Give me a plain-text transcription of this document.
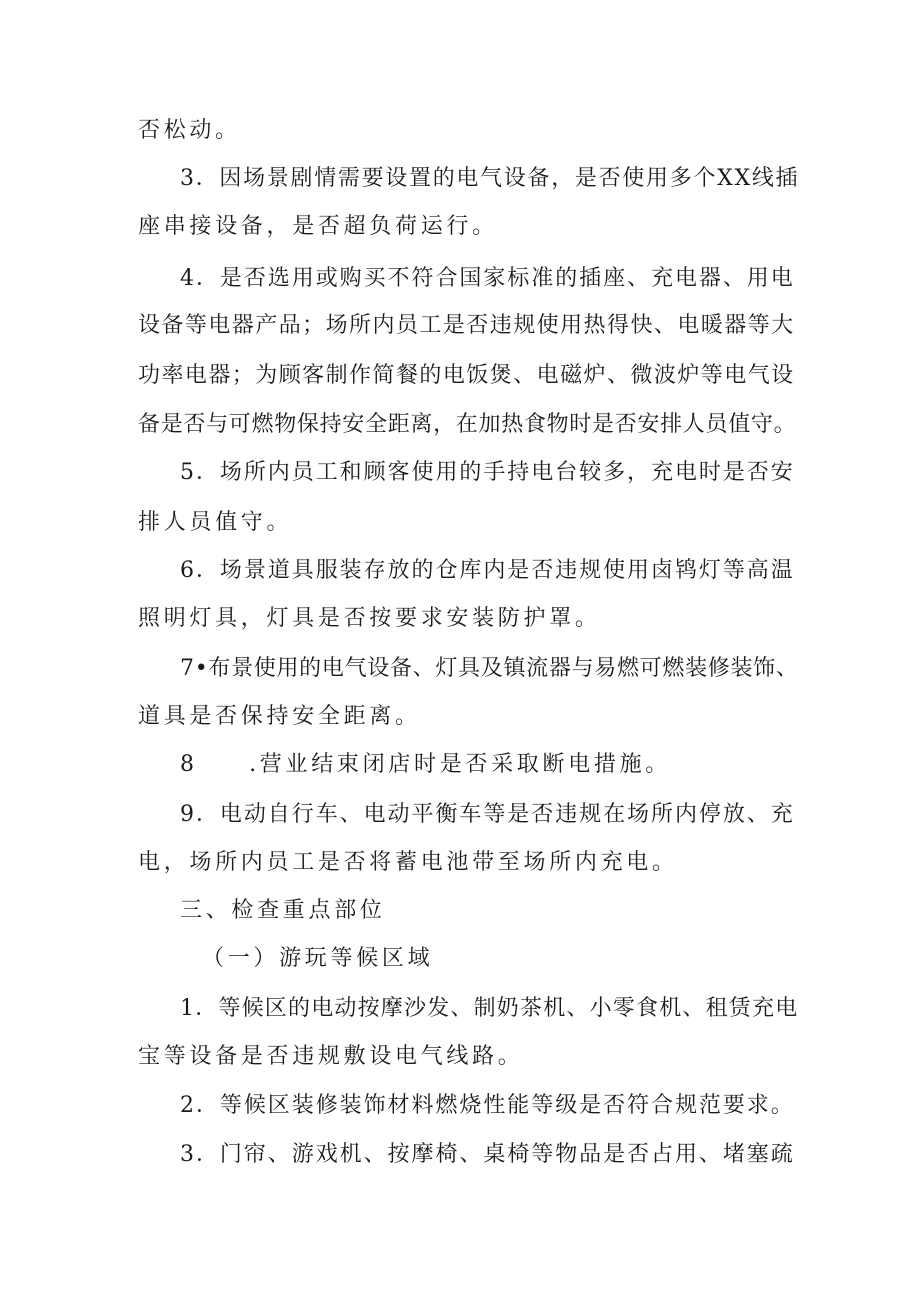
否松动。
3．因场景剧情需要设置的电气设备，是否使用多个XX线插
座串接设备，是否超负荷运行。
4．是否选用或购买不符合国家标准的插座、充电器、用电
设备等电器产品；场所内员工是否违规使用热得快、电暖器等大
功率电器；为顾客制作简餐的电饭煲、电磁炉、微波炉等电气设
备是否与可燃物保持安全距离，在加热食物时是否安排人员值守。
5．场所内员工和顾客使用的手持电台较多，充电时是否安
排人员值守。
6．场景道具服装存放的仓库内是否违规使用卤鸨灯等高温
照明灯具，灯具是否按要求安装防护罩。
7•布景使用的电气设备、灯具及镇流器与易燃可燃装修装饰、
道具是否保持安全距离。
8　　.营业结束闭店时是否采取断电措施。
9．电动自行车、电动平衡车等是否违规在场所内停放、充
电，场所内员工是否将蓄电池带至场所内充电。
三、检查重点部位
（一）游玩等候区域
1．等候区的电动按摩沙发、制奶茶机、小零食机、租赁充电
宝等设备是否违规敷设电气线路。
2．等候区装修装饰材料燃烧性能等级是否符合规范要求。
3．门帘、游戏机、按摩椅、桌椅等物品是否占用、堵塞疏
